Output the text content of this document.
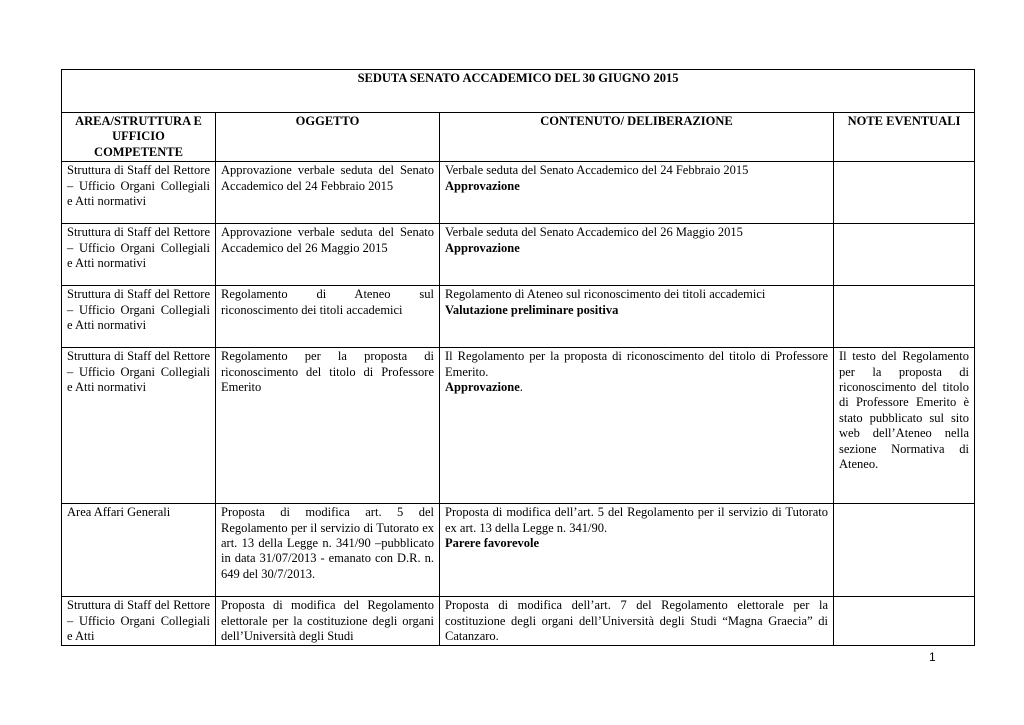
SEDUTA SENATO ACCADEMICO DEL 30 GIUGNO 2015			
AREA/STRUTTURA E UFFICIO COMPETENTE	OGGETTO	CONTENUTO/ DELIBERAZIONE	NOTE EVENTUALI
Struttura di Staff del Rettore – Ufficio Organi Collegiali e Atti normativi	Approvazione verbale seduta del Senato Accademico del 24 Febbraio 2015	Verbale seduta del Senato Accademico del 24 Febbraio 2015
Approvazione	

Struttura di Staff del Rettore – Ufficio Organi Collegiali e Atti normativi	Approvazione verbale seduta del Senato Accademico del 26 Maggio 2015	Verbale seduta del Senato Accademico del 26 Maggio 2015
Approvazione	

Struttura di Staff del Rettore – Ufficio Organi Collegiali e Atti normativi	Regolamento di Ateneo sul riconoscimento dei titoli accademici	Regolamento di Ateneo sul riconoscimento dei titoli accademici
Valutazione preliminare positiva	

Struttura di Staff del Rettore – Ufficio Organi Collegiali e Atti normativi	Regolamento per la proposta di riconoscimento del titolo di Professore Emerito	Il Regolamento per la proposta di riconoscimento del titolo di Professore Emerito.
Approvazione.	Il testo del Regolamento per la proposta di riconoscimento del titolo di Professore Emerito è stato pubblicato sul sito web dell’Ateneo nella sezione Normativa di Ateneo.
Area Affari Generali	Proposta di modifica art. 5 del Regolamento per il servizio di Tutorato ex art. 13 della Legge n. 341/90 –pubblicato in data 31/07/2013 - emanato con D.R. n. 649 del 30/7/2013.	Proposta di modifica dell’art. 5 del Regolamento per il servizio di Tutorato ex art. 13 della Legge n. 341/90.
Parere favorevole	

Struttura di Staff del Rettore – Ufficio Organi Collegiali e Atti	Proposta di modifica del Regolamento elettorale per la costituzione degli organi dell’Università degli Studi	Proposta di modifica dell’art. 7 del Regolamento elettorale per la costituzione degli organi dell’Università degli Studi “Magna Graecia” di Catanzaro.	

1
